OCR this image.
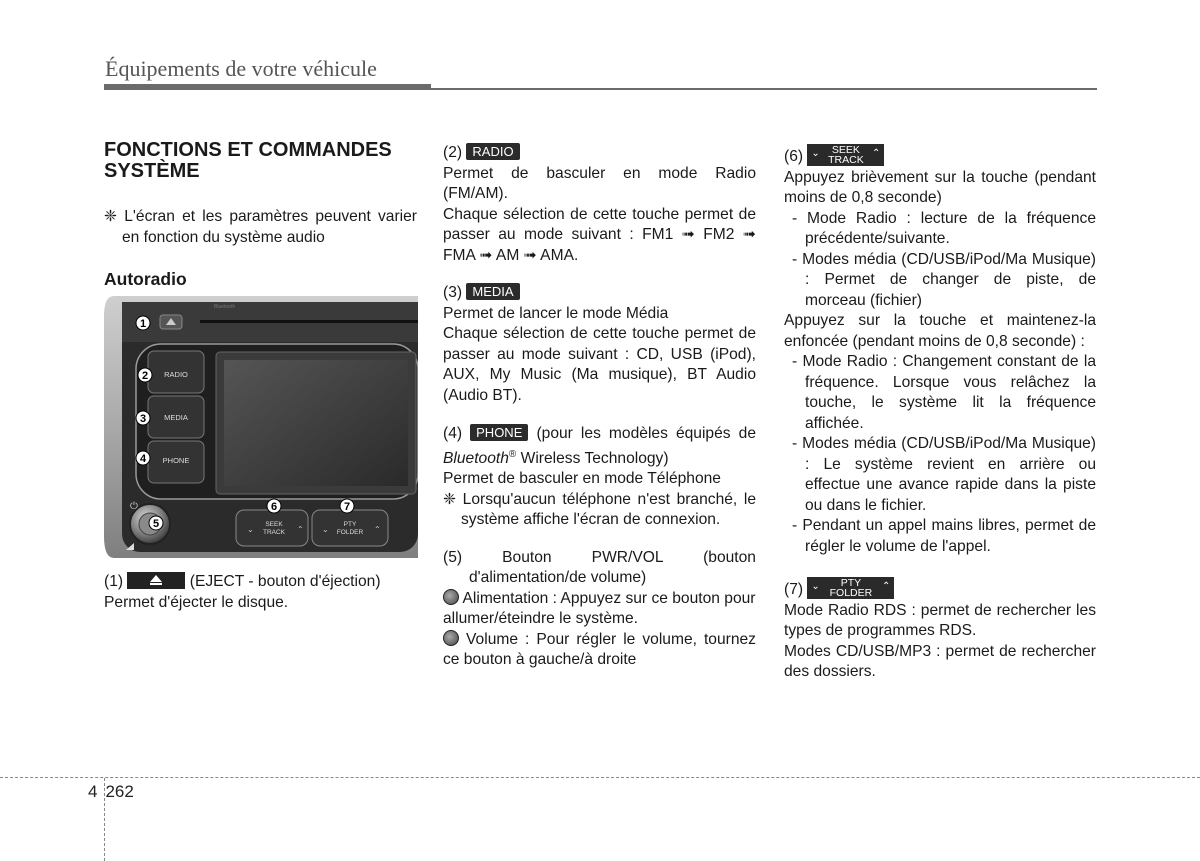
Équipements de votre véhicule
FONCTIONS ET COMMANDES SYSTÈME
❈ L'écran et les paramètres peuvent varier en fonction du système audio
Autoradio
RADIO
MEDIA
PHONE
SEEK
TRACK
PTY
FOLDER
⌄	⌃ ⌄	⌃
⏻
Bluetooth
1
2
3
4
5
6	7
(1)	(EJECT - bouton d'éjection)
Permet d'éjecter le disque.
(2) RADIO
Permet de basculer en mode Radio (FM/AM).
Chaque sélection de cette touche permet de passer au mode suivant : FM1 ➟ FM2 ➟ FMA ➟ AM ➟ AMA.
(3) MEDIA
Permet de lancer le mode Média
Chaque sélection de cette touche permet de passer au mode suivant : CD, USB (iPod), AUX, My Music (Ma musique), BT Audio (Audio BT).
(4) PHONE (pour les modèles équipés de Bluetooth® Wireless Technology)
Permet de basculer en mode Téléphone
❈ Lorsqu'aucun téléphone n'est branché, le système affiche l'écran de connexion.
(5)	Bouton PWR/VOL (bouton d'alimentation/de volume)
Alimentation : Appuyez sur ce bouton pour allumer/éteindre le système.
Volume : Pour régler le volume, tournez ce bouton à gauche/à droite
(6) ⌄	SEEK
TRACK
⌃
Appuyez brièvement sur la touche (pendant moins de 0,8 seconde)
- Mode Radio : lecture de la fréquence précédente/suivante.
- Modes média (CD/USB/iPod/Ma Musique) : Permet de changer de piste, de morceau (fichier)
Appuyez sur la touche et maintenez-la enfoncée (pendant moins de 0,8 seconde) :
- Mode Radio : Changement constant de la fréquence. Lorsque vous relâchez la touche, le système lit la fréquence affichée.
- Modes média (CD/USB/iPod/Ma Musique) : Le système revient en arrière ou effectue une avance rapide dans la piste ou dans le fichier.
- Pendant un appel mains libres, permet de régler le volume de l'appel.
(7) ⌄	PTY
FOLDER
⌃
Mode Radio RDS : permet de rechercher les types de programmes RDS.
Modes CD/USB/MP3 : permet de rechercher des dossiers.
4 262
